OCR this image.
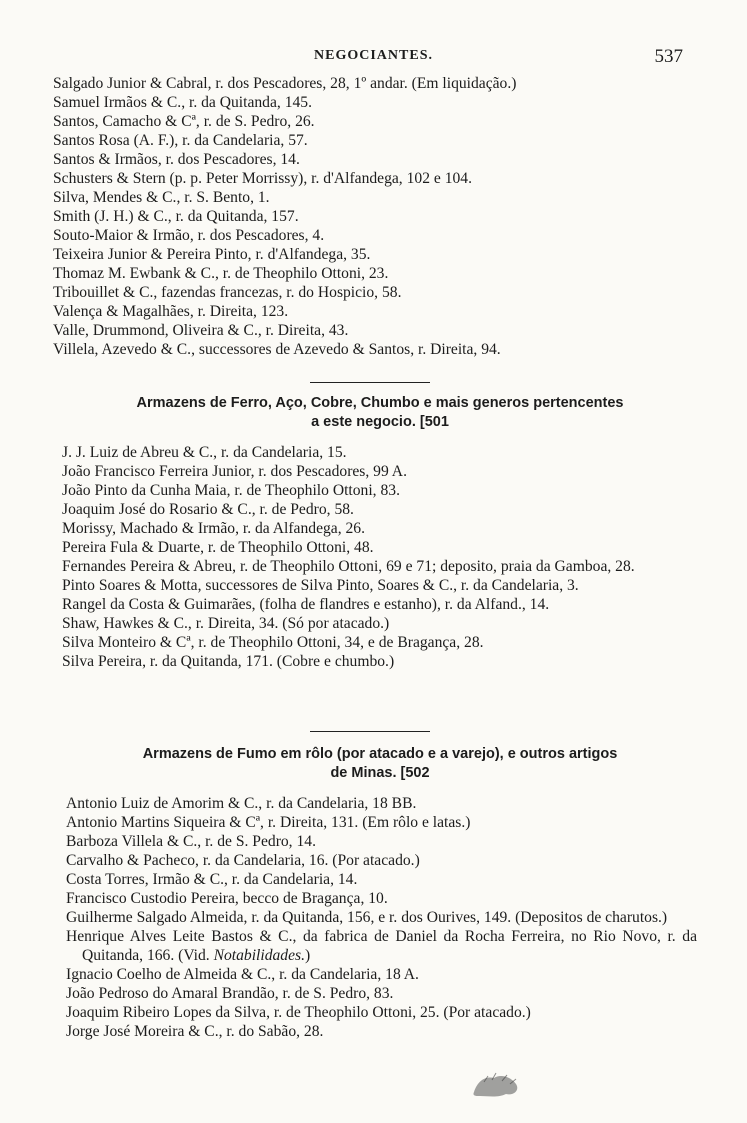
NEGOCIANTES.	537
Salgado Junior & Cabral, r. dos Pescadores, 28, 1º andar. (Em liquidação.)
Samuel Irmãos & C., r. da Quitanda, 145.
Santos, Camacho & Cª, r. de S. Pedro, 26.
Santos Rosa (A. F.), r. da Candelaria, 57.
Santos & Irmãos, r. dos Pescadores, 14.
Schusters & Stern (p. p. Peter Morrissy), r. d'Alfandega, 102 e 104.
Silva, Mendes & C., r. S. Bento, 1.
Smith (J. H.) & C., r. da Quitanda, 157.
Souto-Maior & Irmão, r. dos Pescadores, 4.
Teixeira Junior & Pereira Pinto, r. d'Alfandega, 35.
Thomaz M. Ewbank & C., r. de Theophilo Ottoni, 23.
Tribouillet & C., fazendas francezas, r. do Hospicio, 58.
Valença & Magalhães, r. Direita, 123.
Valle, Drummond, Oliveira & C., r. Direita, 43.
Villela, Azevedo & C., successores de Azevedo & Santos, r. Direita, 94.
Armazens de Ferro, Aço, Cobre, Chumbo e mais generos pertencentes
a este negocio. [501
J. J. Luiz de Abreu & C., r. da Candelaria, 15.
João Francisco Ferreira Junior, r. dos Pescadores, 99 A.
João Pinto da Cunha Maia, r. de Theophilo Ottoni, 83.
Joaquim José do Rosario & C., r. de Pedro, 58.
Morissy, Machado & Irmão, r. da Alfandega, 26.
Pereira Fula & Duarte, r. de Theophilo Ottoni, 48.
Fernandes Pereira & Abreu, r. de Theophilo Ottoni, 69 e 71; deposito, praia da Gamboa, 28.
Pinto Soares & Motta, successores de Silva Pinto, Soares & C., r. da Candelaria, 3.
Rangel da Costa & Guimarães, (folha de flandres e estanho), r. da Alfand., 14.
Shaw, Hawkes & C., r. Direita, 34. (Só por atacado.)
Silva Monteiro & Cª, r. de Theophilo Ottoni, 34, e de Bragança, 28.
Silva Pereira, r. da Quitanda, 171. (Cobre e chumbo.)
Armazens de Fumo em rôlo (por atacado e a varejo), e outros artigos
de Minas. [502
Antonio Luiz de Amorim & C., r. da Candelaria, 18 BB.
Antonio Martins Siqueira & Cª, r. Direita, 131. (Em rôlo e latas.)
Barboza Villela & C., r. de S. Pedro, 14.
Carvalho & Pacheco, r. da Candelaria, 16. (Por atacado.)
Costa Torres, Irmão & C., r. da Candelaria, 14.
Francisco Custodio Pereira, becco de Bragança, 10.
Guilherme Salgado Almeida, r. da Quitanda, 156, e r. dos Ourives, 149. (Depositos de charutos.)
Henrique Alves Leite Bastos & C., da fabrica de Daniel da Rocha Ferreira, no Rio Novo, r. da Quitanda, 166. (Vid. Notabilidades.)
Ignacio Coelho de Almeida & C., r. da Candelaria, 18 A.
João Pedroso do Amaral Brandão, r. de S. Pedro, 83.
Joaquim Ribeiro Lopes da Silva, r. de Theophilo Ottoni, 25. (Por atacado.)
Jorge José Moreira & C., r. do Sabão, 28.
